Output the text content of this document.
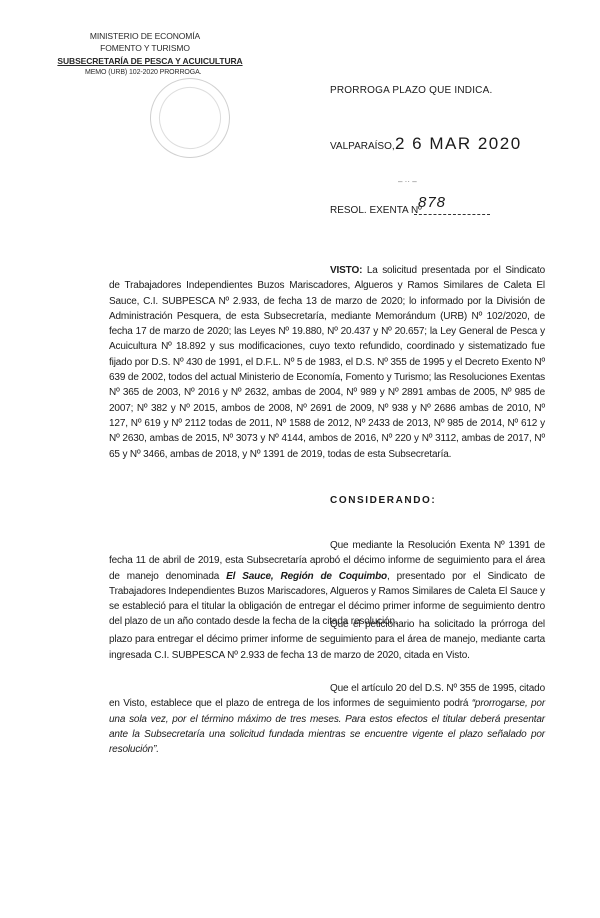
MINISTERIO DE ECONOMÍA
FOMENTO Y TURISMO
SUBSECRETARÍA DE PESCA Y ACUICULTURA
MEMO (URB) 102-2020 PRORROGA.
PRORROGA PLAZO QUE INDICA.
VALPARAÍSO, 2 6 MAR 2020
– ·· –
RESOL. EXENTA Nº
878
VISTO: La solicitud presentada por el Sindicato de Trabajadores Independientes Buzos Mariscadores, Algueros y Ramos Similares de Caleta El Sauce, C.I. SUBPESCA Nº 2.933, de fecha 13 de marzo de 2020; lo informado por la División de Administración Pesquera, de esta Subsecretaría, mediante Memorándum (URB) Nº 102/2020, de fecha 17 de marzo de 2020; las Leyes Nº 19.880, Nº 20.437 y Nº 20.657; la Ley General de Pesca y Acuicultura Nº 18.892 y sus modificaciones, cuyo texto refundido, coordinado y sistematizado fue fijado por D.S. Nº 430 de 1991, el D.F.L. Nº 5 de 1983, el D.S. Nº 355 de 1995 y el Decreto Exento Nº 639 de 2002, todos del actual Ministerio de Economía, Fomento y Turismo; las Resoluciones Exentas Nº 365 de 2003, Nº 2016 y Nº 2632, ambas de 2004, Nº 989 y Nº 2891 ambas de 2005, Nº 985 de 2007; Nº 382 y Nº 2015, ambos de 2008, Nº 2691 de 2009, Nº 938 y Nº 2686 ambas de 2010, Nº 127, Nº 619 y Nº 2112 todas de 2011, Nº 1588 de 2012, Nº 2433 de 2013, Nº 985 de 2014, Nº 612 y Nº 2630, ambas de 2015, Nº 3073 y Nº 4144, ambos de 2016, Nº 220 y Nº 3112, ambas de 2017, Nº 65 y Nº 3466, ambas de 2018, y Nº 1391 de 2019, todas de esta Subsecretaría.
CONSIDERANDO:
Que mediante la Resolución Exenta Nº 1391 de fecha 11 de abril de 2019, esta Subsecretaría aprobó el décimo informe de seguimiento para el área de manejo denominada El Sauce, Región de Coquimbo, presentado por el Sindicato de Trabajadores Independientes Buzos Mariscadores, Algueros y Ramos Similares de Caleta El Sauce y se estableció para el titular la obligación de entregar el décimo primer informe de seguimiento dentro del plazo de un año contado desde la fecha de la citada resolución.
Que el peticionario ha solicitado la prórroga del plazo para entregar el décimo primer informe de seguimiento para el área de manejo, mediante carta ingresada C.I. SUBPESCA Nº 2.933 de fecha 13 de marzo de 2020, citada en Visto.
Que el artículo 20 del D.S. Nº 355 de 1995, citado en Visto, establece que el plazo de entrega de los informes de seguimiento podrá “prorrogarse, por una sola vez, por el término máximo de tres meses. Para estos efectos el titular deberá presentar ante la Subsecretaría una solicitud fundada mientras se encuentre vigente el plazo señalado por resolución”.
